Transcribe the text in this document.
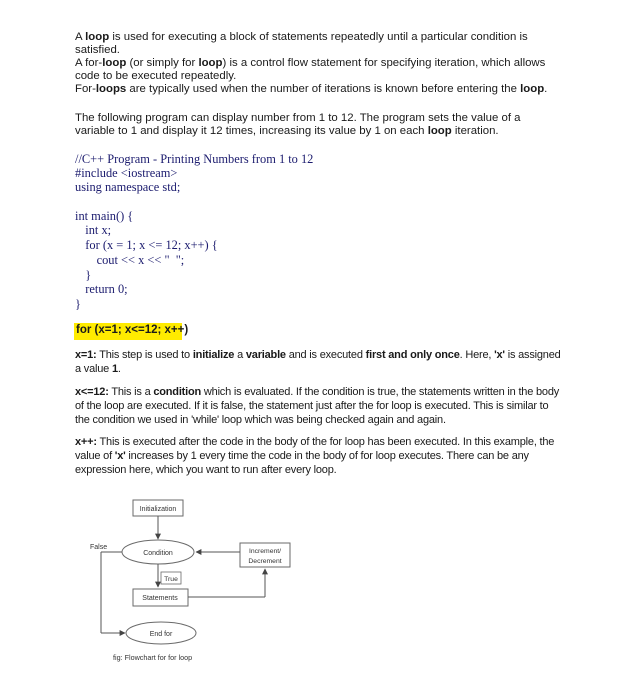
A loop is used for executing a block of statements repeatedly until a particular condition is satisfied.
A for-loop (or simply for loop) is a control flow statement for specifying iteration, which allows code to be executed repeatedly.
For-loops are typically used when the number of iterations is known before entering the loop.
The following program can display number from 1 to 12. The program sets the value of a variable to 1 and display it 12 times, increasing its value by 1 on each loop iteration.
//C++ Program - Printing Numbers from 1 to 12
#include <iostream>
using namespace std;
int main() {
int x;
for (x = 1; x <= 12; x++) {
cout << x << "  ";
}
return 0;
}
for (x=1; x<=12; x++)
x=1: This step is used to initialize a variable and is executed first and only once. Here, 'x' is assigned a value 1.
x<=12: This is a condition which is evaluated. If the condition is true, the statements written in the body of the loop are executed. If it is false, the statement just after the for loop is executed. This is similar to the condition we used in 'while' loop which was being checked again and again.
x++: This is executed after the code in the body of the for loop has been executed. In this example, the value of 'x' increases by 1 every time the code in the body of for loop executes. There can be any expression here, which you want to run after every loop.
Initialization
Condition	Increment/
Decrement
False
True
Statements
End for
fig: Flowchart for for loop
